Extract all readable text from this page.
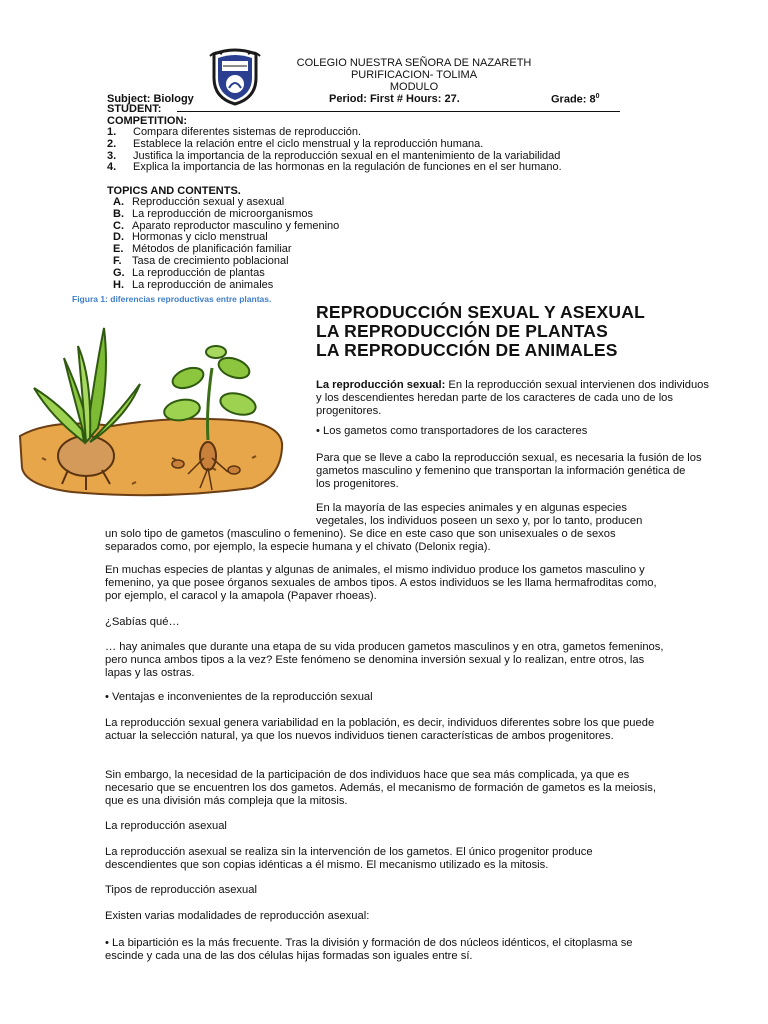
COLEGIO NUESTRA SEÑORA DE NAZARETH
PURIFICACION- TOLIMA
MODULO
Subject: Biology	Period: First # Hours: 27.	Grade: $8^0$
STUDENT:
COMPETITION:
1.	Compara diferentes sistemas de reproducción.
2.	Establece la relación entre el ciclo menstrual y la reproducción humana.
3.	Justifica la importancia de la reproducción sexual en el mantenimiento de la variabilidad
4.	Explica la importancia de las hormonas en la regulación de funciones en el ser humano.
TOPICS AND CONTENTS.
A. Reproducción sexual y asexual
B. La reproducción de microorganismos
C. Aparato reproductor masculino y femenino
D. Hormonas y ciclo menstrual
E. Métodos de planificación familiar
F. Tasa de crecimiento poblacional
G. La reproducción de plantas
H. La reproducción de animales
Figura 1: diferencias reproductivas entre plantas.
REPRODUCCIÓN SEXUAL Y ASEXUAL
LA REPRODUCCIÓN DE PLANTAS
LA REPRODUCCIÓN DE ANIMALES

La reproducción sexual: En la reproducción sexual intervienen dos individuos y los descendientes heredan parte de los caracteres de cada uno de los progenitores.

• Los gametos como transportadores de los caracteres

Para que se lleve a cabo la reproducción sexual, es necesaria la fusión de los gametos masculino y femenino que transportan la información genética de los progenitores.

En la mayoría de las especies animales y en algunas especies

vegetales, los individuos poseen un sexo y, por lo tanto, producen

un solo tipo de gametos (masculino o femenino). Se dice en este caso que son unisexuales o de sexos separados como, por ejemplo, la especie humana y el chivato (Delonix regia).

En muchas especies de plantas y algunas de animales, el mismo individuo produce los gametos masculino y femenino, ya que posee órganos sexuales de ambos tipos. A estos individuos se les llama hermafroditas como, por ejemplo, el caracol y la amapola (Papaver rhoeas).

¿Sabías qué…

… hay animales que durante una etapa de su vida producen gametos masculinos y en otra, gametos femeninos, pero nunca ambos tipos a la vez? Este fenómeno se denomina inversión sexual y lo realizan, entre otros, las lapas y las ostras.

• Ventajas e inconvenientes de la reproducción sexual

La reproducción sexual genera variabilidad en la población, es decir, individuos diferentes sobre los que puede actuar la selección natural, ya que los nuevos individuos tienen características de ambos progenitores.

Sin embargo, la necesidad de la participación de dos individuos hace que sea más complicada, ya que es necesario que se encuentren los dos gametos. Además, el mecanismo de formación de gametos es la meiosis, que es una división más compleja que la mitosis.

La reproducción asexual

La reproducción asexual se realiza sin la intervención de los gametos. El único progenitor produce descendientes que son copias idénticas a él mismo. El mecanismo utilizado es la mitosis.

Tipos de reproducción asexual

Existen varias modalidades de reproducción asexual:

• La bipartición es la más frecuente. Tras la división y formación de dos núcleos idénticos, el citoplasma se escinde y cada una de las dos células hijas formadas son iguales entre sí.
